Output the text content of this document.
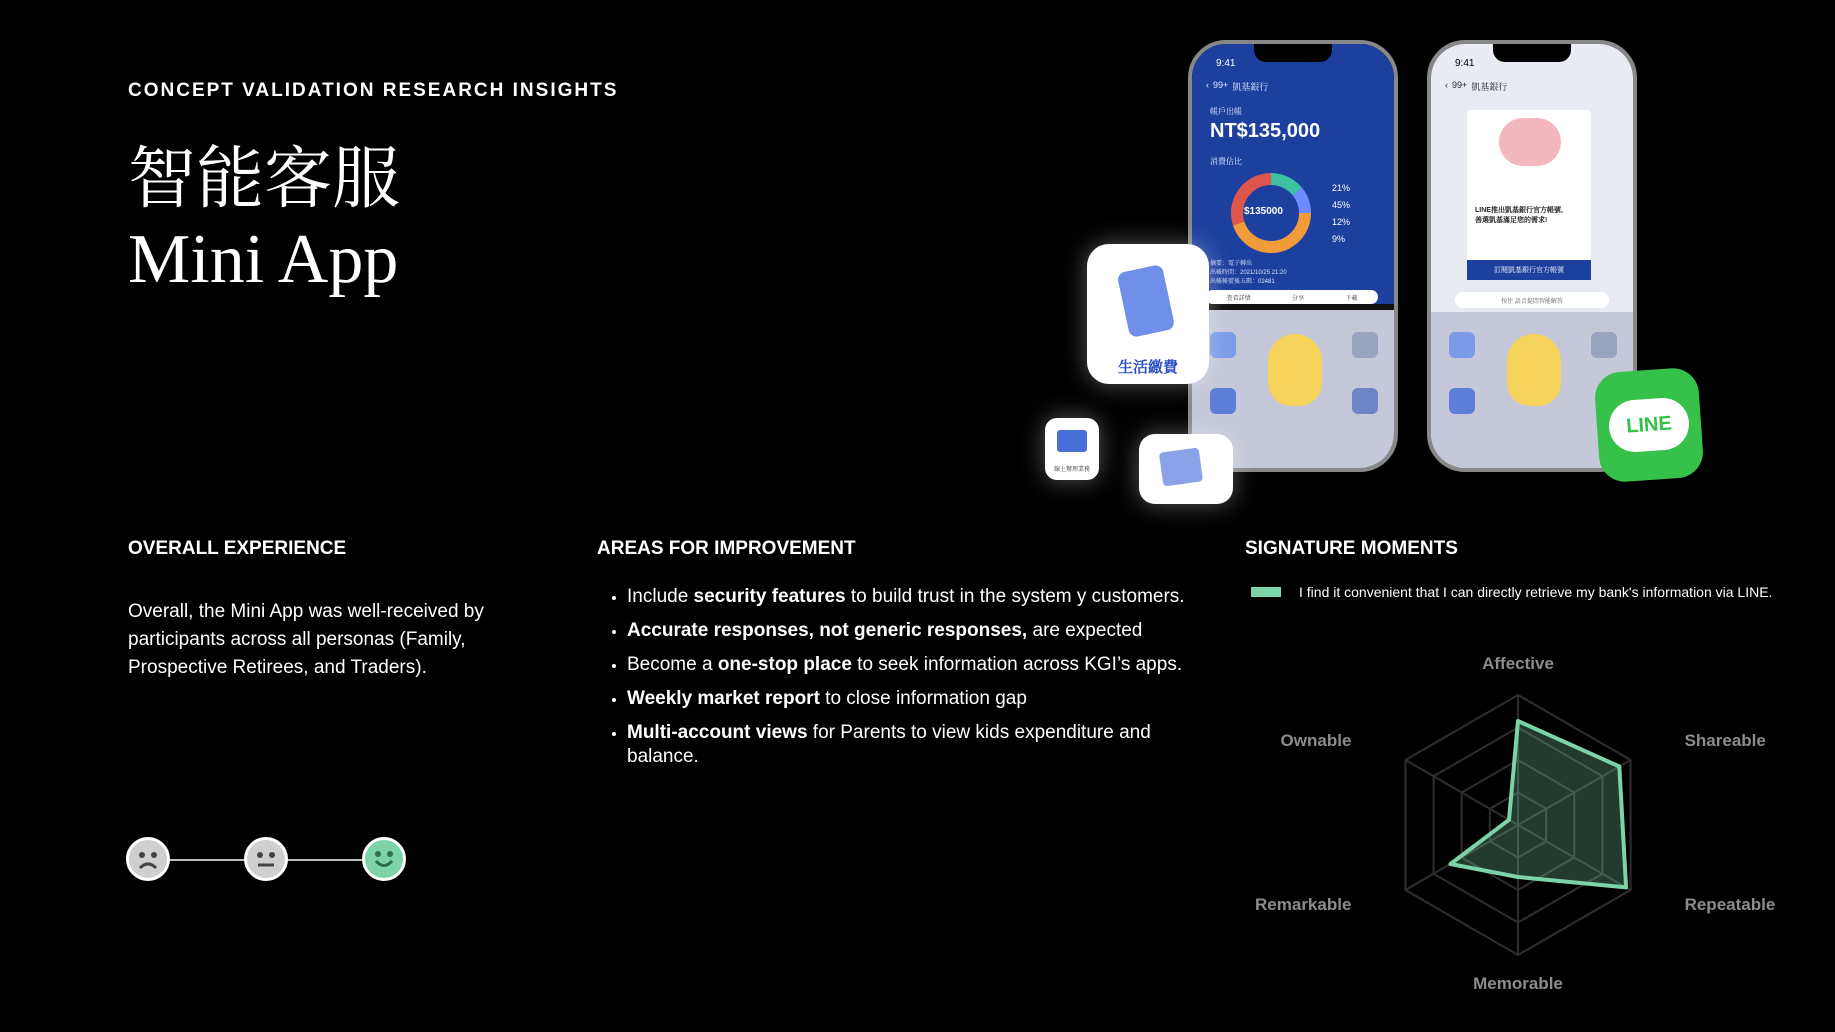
CONCEPT VALIDATION RESEARCH INSIGHTS
智能客服
Mini App
OVERALL EXPERIENCE	AREAS FOR IMPROVEMENT	SIGNATURE MOMENTS
Overall, the Mini App was well-received by participants across all personas (Family, Prospective Retirees, and Traders).
• Include security features to build trust in the system y customers.
• Accurate responses, not generic responses, are expected
• Become a one-stop place to seek information across KGI’s apps.
• Weekly market report to close information gap
• Multi-account views for Parents to view kids expenditure and balance.
I find it convenient that I can directly retrieve my bank's information via LINE.
9:41
‹ 99+ 凱基銀行
帳戶出帳
NT$135,000
消費佔比
$135000
21%
45%
12%
9%
摘要：電子轉出
出帳時間：2021/10/25 21:20
出帳帳號後五碼：02481
查看詳情	分享	下載
9:41
‹ 99+ 凱基銀行
LINE推出凱基銀行官方帳號,
善選凱基滿足您的需求!
訂閱凱基銀行官方帳號
按住 語音提問智能解答
生活繳費
線上辦理業務
LINE
Affective
Shareable
Repeatable
Memorable
Remarkable
Ownable
